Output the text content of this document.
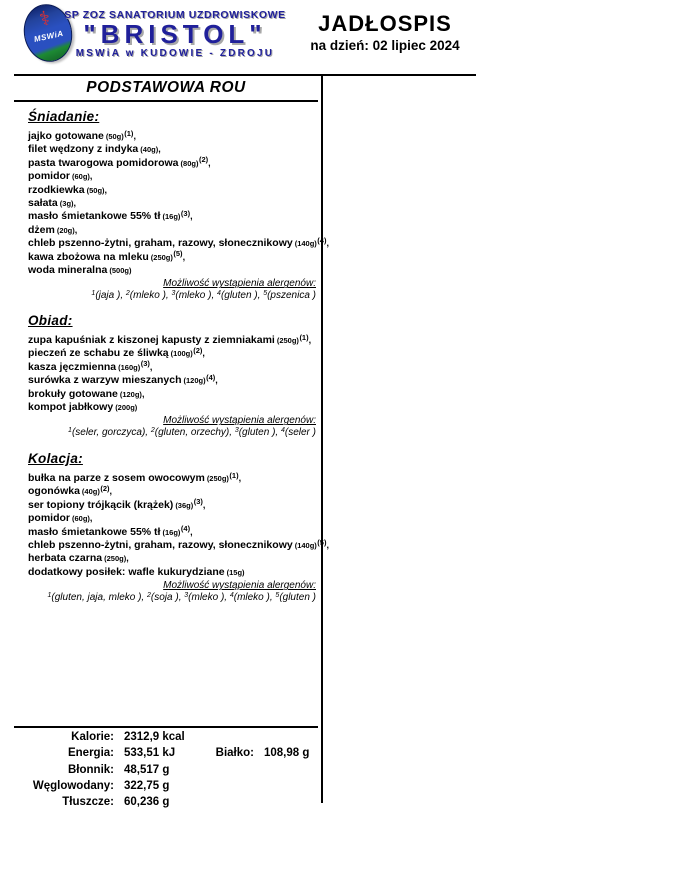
⚕
MSWiA
SP ZOZ SANATORIUM UZDROWISKOWE
"BRISTOL"
MSWiA w KUDOWIE - ZDROJU
JADŁOSPIS
na dzień: 02 lipiec 2024
PODSTAWOWA ROU
Śniadanie:
jajko gotowane $(50g)^{(1)}$,
filet wędzony z indyka (40g),
pasta twarogowa pomidorowa $(80g)^{(2)}$,
pomidor (60g),
rzodkiewka (50g),
sałata (3g),
masło śmietankowe 55% tł $(16g)^{(3)}$,
dżem (20g),
chleb pszenno-żytni, graham, razowy, słonecznikowy $(140g)^{(4)}$,
kawa zbożowa na mleku $(250g)^{(5)}$,
woda mineralna (500g)
Możliwość wystąpienia alergenów:
$^1$(jaja ), $^2$(mleko ), $^3$(mleko ), $^4$(gluten ), $^5$(pszenica )
Obiad:
zupa kapuśniak z kiszonej kapusty z ziemniakami $(250g)^{(1)}$,
pieczeń ze schabu ze śliwką $(100g)^{(2)}$,
kasza jęczmienna $(160g)^{(3)}$,
surówka z warzyw mieszanych $(120g)^{(4)}$,
brokuły gotowane (120g),
kompot jabłkowy (200g)
Możliwość wystąpienia alergenów:
$^1$(seler, gorczyca), $^2$(gluten, orzechy), $^3$(gluten ), $^4$(seler )
Kolacja:
bułka na parze z sosem owocowym $(250g)^{(1)}$,
ogonówka $(40g)^{(2)}$,
ser topiony trójkącik (krążek) $(36g)^{(3)}$,
pomidor (60g),
masło śmietankowe 55% tł $(16g)^{(4)}$,
chleb pszenno-żytni, graham, razowy, słonecznikowy $(140g)^{(5)}$,
herbata czarna (250g),
dodatkowy posiłek: wafle kukurydziane (15g)
Możliwość wystąpienia alergenów:
$^1$(gluten, jaja, mleko ), $^2$(soja ), $^3$(mleko ), $^4$(mleko ), $^5$(gluten )
Kalorie: 2312,9 kcal
Energia: 533,51 kJ	Białko: 108,98 g
Błonnik: 48,517 g
Węglowodany: 322,75 g
Tłuszcze: 60,236 g
